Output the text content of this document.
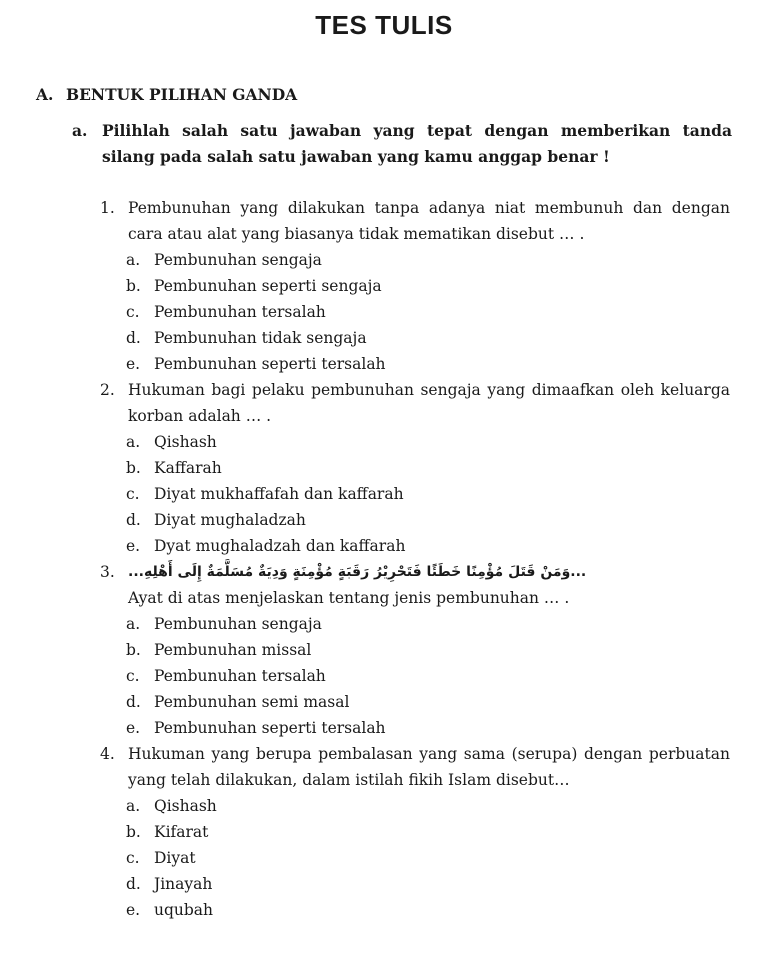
TES TULIS
A. BENTUK PILIHAN GANDA
a. Pilihlah salah satu jawaban yang tepat dengan memberikan tanda silang pada salah satu jawaban yang kamu anggap benar !
1. Pembunuhan yang dilakukan tanpa adanya niat membunuh dan dengan cara atau alat yang biasanya tidak mematikan disebut … .
a. Pembunuhan sengaja
b. Pembunuhan seperti sengaja
c. Pembunuhan tersalah
d. Pembunuhan tidak sengaja
e. Pembunuhan seperti tersalah
2. Hukuman bagi pelaku pembunuhan sengaja yang dimaafkan oleh keluarga korban adalah … .
a. Qishash
b. Kaffarah
c. Diyat mukhaffafah dan kaffarah
d. Diyat mughaladzah
e. Dyat mughaladzah dan kaffarah
3. ...وَمَنْ قَتَلَ مُؤْمِنًا خَطَئًا فَتَحْرِيْرُ رَقَبَةٍ مُؤْمِنَةٍ وَدِيَةٌ مُسَلَّمَةٌ إِلَى أَهْلِهِ...
Ayat di atas menjelaskan tentang jenis pembunuhan … .
a. Pembunuhan sengaja
b. Pembunuhan missal
c. Pembunuhan tersalah
d. Pembunuhan semi masal
e. Pembunuhan seperti tersalah
4. Hukuman yang berupa pembalasan yang sama (serupa) dengan perbuatan yang telah dilakukan, dalam istilah fikih Islam disebut…
a. Qishash
b. Kifarat
c. Diyat
d. Jinayah
e. uqubah
